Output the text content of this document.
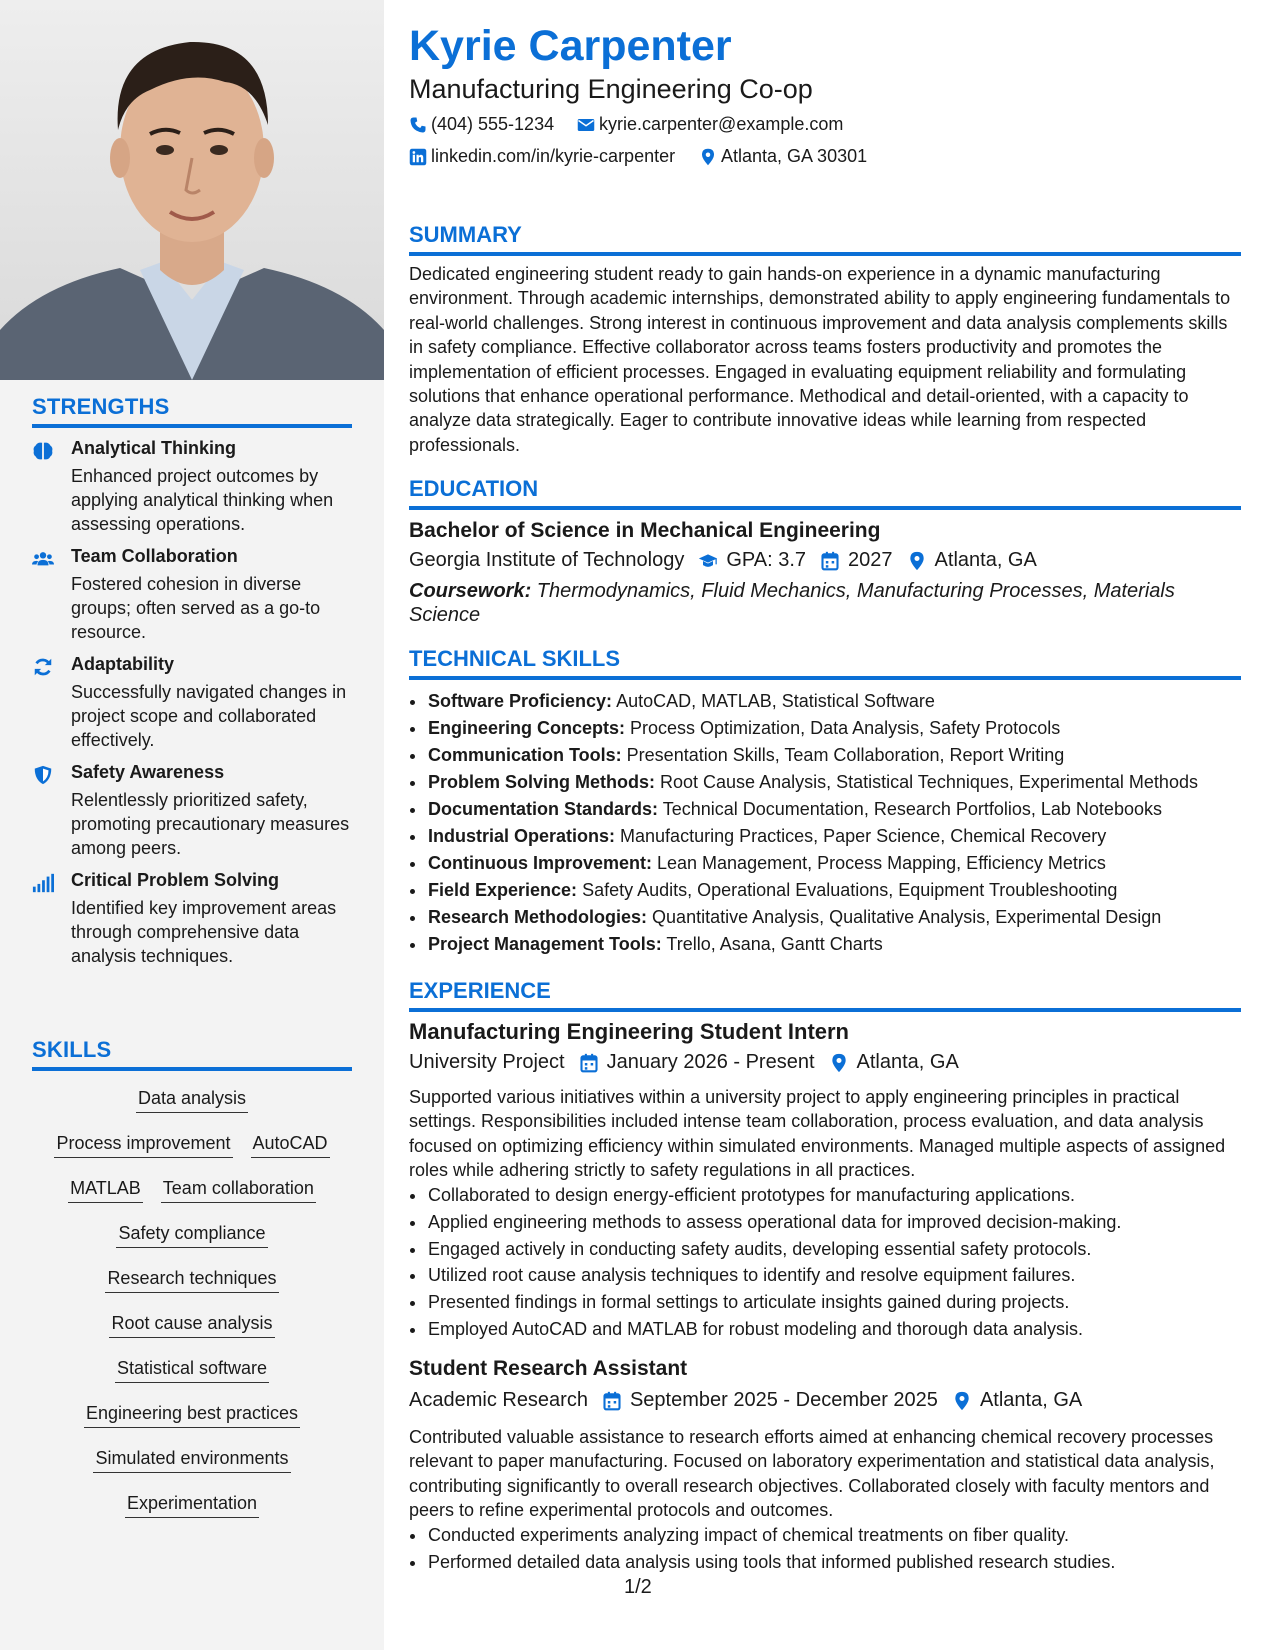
STRENGTHS
Analytical Thinking
Enhanced project outcomes by applying analytical thinking when assessing operations.
Team Collaboration
Fostered cohesion in diverse groups; often served as a go-to resource.
Adaptability
Successfully navigated changes in project scope and collaborated effectively.
Safety Awareness
Relentlessly prioritized safety, promoting precautionary measures among peers.
Critical Problem Solving
Identified key improvement areas through comprehensive data analysis techniques.
SKILLS
Data analysis
Process improvement AutoCAD
MATLAB Team collaboration
Safety compliance
Research techniques
Root cause analysis
Statistical software
Engineering best practices
Simulated environments
Experimentation
Kyrie Carpenter
Manufacturing Engineering Co-op
(404) 555-1234 kyrie.carpenter@example.com
linkedin.com/in/kyrie-carpenter	Atlanta, GA 30301
SUMMARY
Dedicated engineering student ready to gain hands-on experience in a dynamic manufacturing environment. Through academic internships, demonstrated ability to apply engineering fundamentals to real-world challenges. Strong interest in continuous improvement and data analysis complements skills in safety compliance. Effective collaborator across teams fosters productivity and promotes the implementation of efficient processes. Engaged in evaluating equipment reliability and formulating solutions that enhance operational performance. Methodical and detail-oriented, with a capacity to analyze data strategically. Eager to contribute innovative ideas while learning from respected professionals.
EDUCATION
Bachelor of Science in Mechanical Engineering
Georgia Institute of Technology GPA: 3.7 2027 Atlanta, GA
Coursework: Thermodynamics, Fluid Mechanics, Manufacturing Processes, Materials Science
TECHNICAL SKILLS
• Software Proficiency: AutoCAD, MATLAB, Statistical Software
• Engineering Concepts: Process Optimization, Data Analysis, Safety Protocols
• Communication Tools: Presentation Skills, Team Collaboration, Report Writing
• Problem Solving Methods: Root Cause Analysis, Statistical Techniques, Experimental Methods
• Documentation Standards: Technical Documentation, Research Portfolios, Lab Notebooks
• Industrial Operations: Manufacturing Practices, Paper Science, Chemical Recovery
• Continuous Improvement: Lean Management, Process Mapping, Efficiency Metrics
• Field Experience: Safety Audits, Operational Evaluations, Equipment Troubleshooting
• Research Methodologies: Quantitative Analysis, Qualitative Analysis, Experimental Design
• Project Management Tools: Trello, Asana, Gantt Charts
EXPERIENCE
Manufacturing Engineering Student Intern
University Project January 2026 - Present Atlanta, GA
Supported various initiatives within a university project to apply engineering principles in practical settings. Responsibilities included intense team collaboration, process evaluation, and data analysis focused on optimizing efficiency within simulated environments. Managed multiple aspects of assigned roles while adhering strictly to safety regulations in all practices.
• Collaborated to design energy-efficient prototypes for manufacturing applications.
• Applied engineering methods to assess operational data for improved decision-making.
• Engaged actively in conducting safety audits, developing essential safety protocols.
• Utilized root cause analysis techniques to identify and resolve equipment failures.
• Presented findings in formal settings to articulate insights gained during projects.
• Employed AutoCAD and MATLAB for robust modeling and thorough data analysis.
Student Research Assistant
Academic Research September 2025 - December 2025 Atlanta, GA
Contributed valuable assistance to research efforts aimed at enhancing chemical recovery processes relevant to paper manufacturing. Focused on laboratory experimentation and statistical data analysis, contributing significantly to overall research objectives. Collaborated closely with faculty mentors and peers to refine experimental protocols and outcomes.
• Conducted experiments analyzing impact of chemical treatments on fiber quality.
• Performed detailed data analysis using tools that informed published research studies.
1/2
